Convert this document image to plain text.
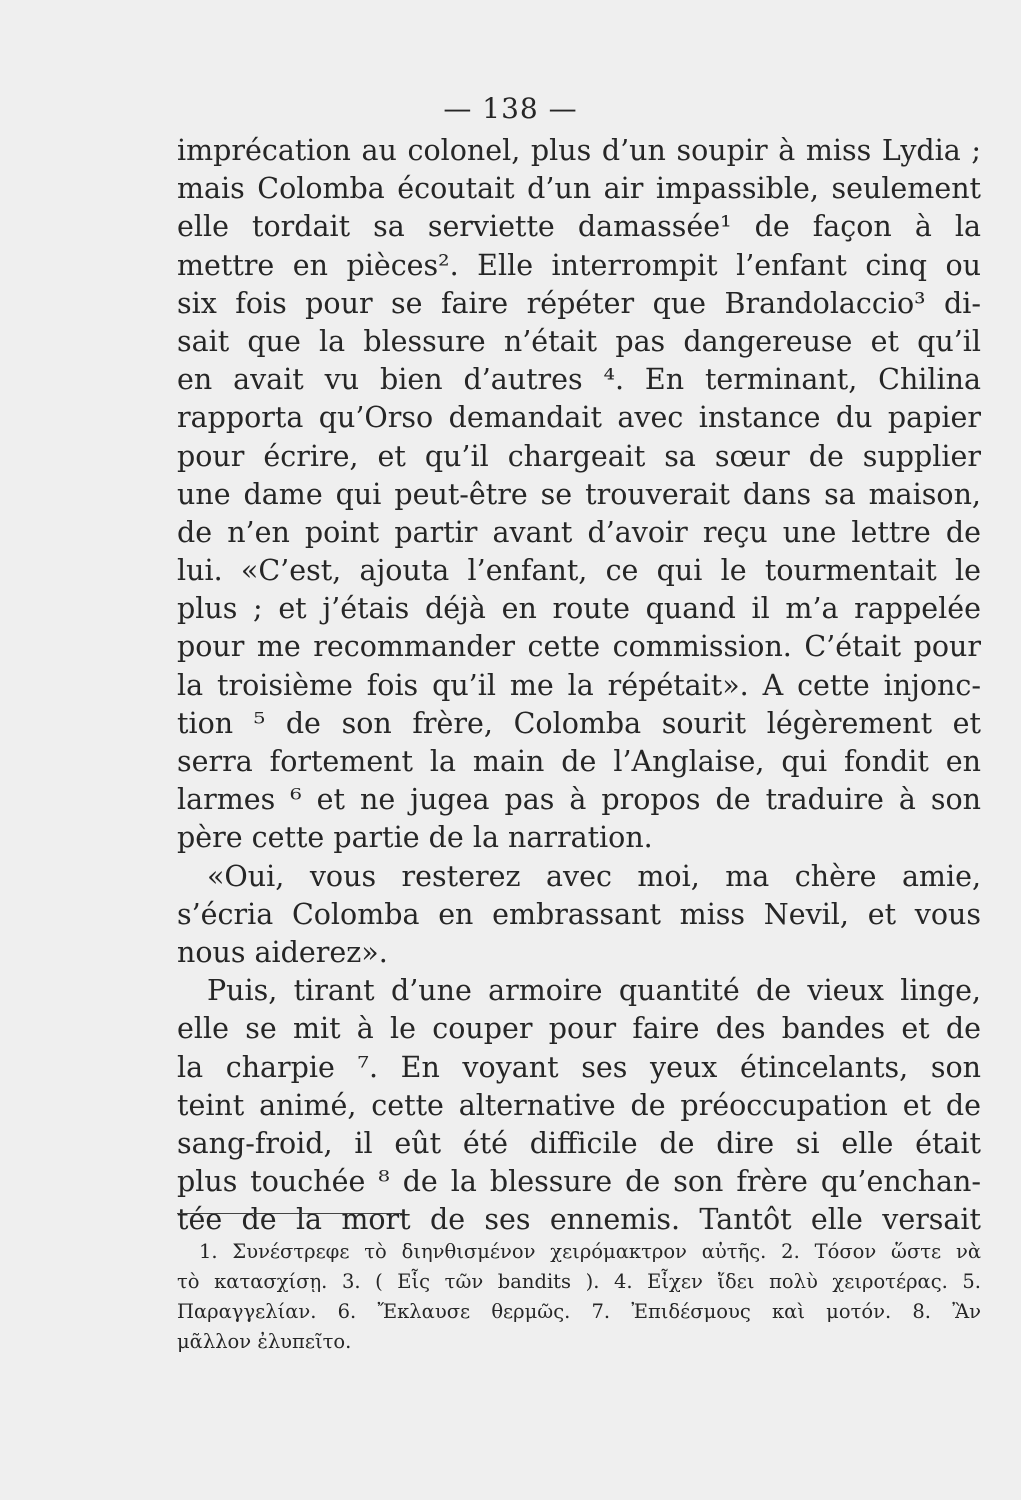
— 138 —
imprécation au colonel, plus d’un soupir à miss Lydia ;
mais Colomba écoutait d’un air impassible, seulement
elle tordait sa serviette damassée¹ de façon à la
mettre en pièces². Elle interrompit l’enfant cinq ou
six fois pour se faire répéter que Brandolaccio³ di-
sait que la blessure n’était pas dangereuse et qu’il
en avait vu bien d’autres ⁴. En terminant, Chilina
rapporta qu’Orso demandait avec instance du papier
pour écrire, et qu’il chargeait sa sœur de supplier
une dame qui peut-être se trouverait dans sa maison,
de n’en point partir avant d’avoir reçu une lettre de
lui. «C’est, ajouta l’enfant, ce qui le tourmentait le
plus ; et j’étais déjà en route quand il m’a rappelée
pour me recommander cette commission. C’était pour
la troisième fois qu’il me la répétait». A cette injonc-
tion ⁵ de son frère, Colomba sourit légèrement et
serra fortement la main de l’Anglaise, qui fondit en
larmes ⁶ et ne jugea pas à propos de traduire à son
père cette partie de la narration.
«Oui, vous resterez avec moi, ma chère amie,
s’écria Colomba en embrassant miss Nevil, et vous
nous aiderez».
Puis, tirant d’une armoire quantité de vieux linge,
elle se mit à le couper pour faire des bandes et de
la charpie ⁷. En voyant ses yeux étincelants, son
teint animé, cette alternative de préoccupation et de
sang-froid, il eût été difficile de dire si elle était
plus touchée ⁸ de la blessure de son frère qu’enchan-
tée de la mort de ses ennemis. Tantôt elle versait
1. Συνέστρεφε τὸ διηνθισμένον χειρόμακτρον αὐτῆς. 2. Τόσον ὥστε νὰ
τὸ κατασχίσῃ. 3. ( Εἷς τῶν bandits ). 4. Εἶχεν ἴδει πολὺ χειροτέρας. 5.
Παραγγελίαν. 6. Ἔκλαυσε θερμῶς. 7. Ἐπιδέσμους καὶ μοτόν. 8. Ἂν
μᾶλλον ἐλυπεῖτο.
